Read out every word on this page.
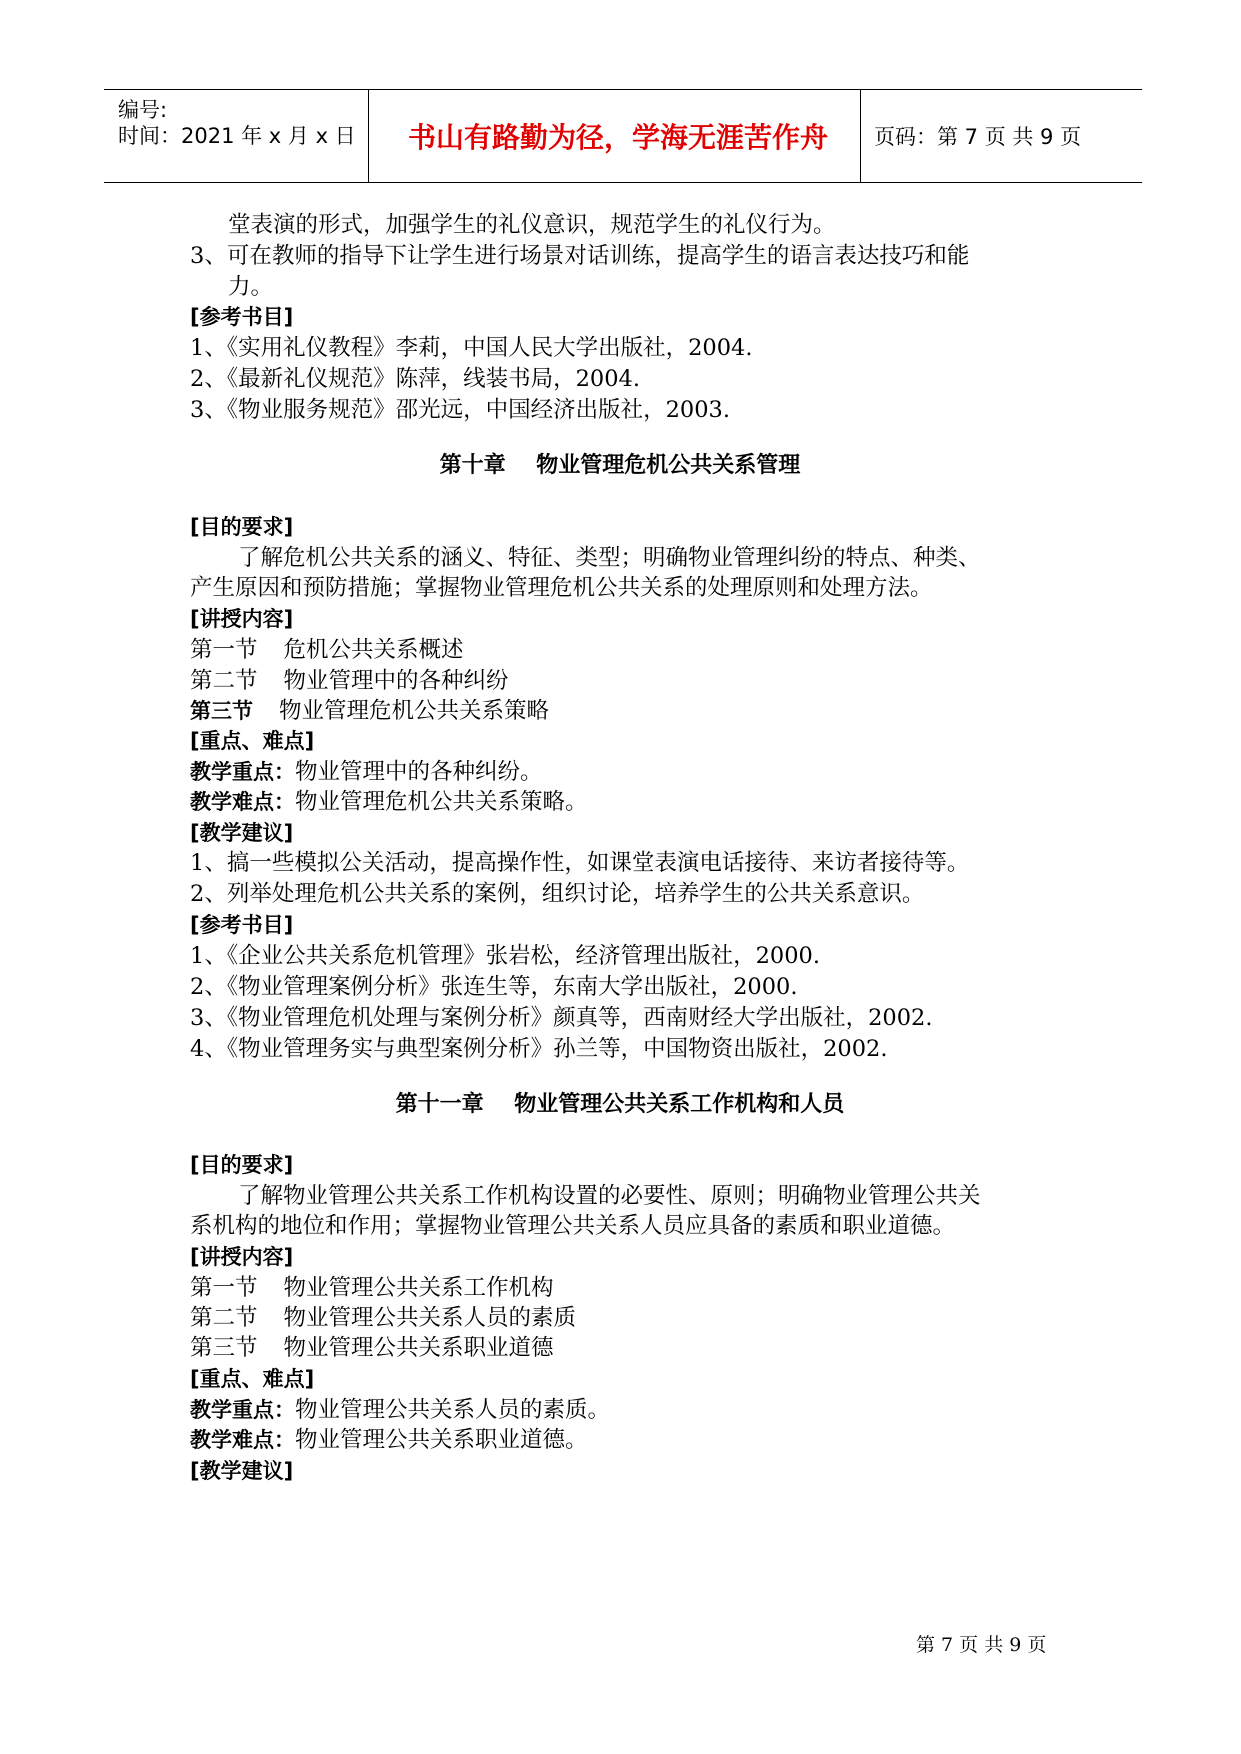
编号:
时间：2021 年 x 月 x 日	书山有路勤为径，学海无涯苦作舟	页码：第 7 页 共 9 页
堂表演的形式，加强学生的礼仪意识，规范学生的礼仪行为。
3、可在教师的指导下让学生进行场景对话训练，提高学生的语言表达技巧和能
力。
[参考书目]
1、《实用礼仪教程》李莉，中国人民大学出版社，2004.
2、《最新礼仪规范》陈萍，线装书局，2004.
3、《物业服务规范》邵光远，中国经济出版社，2003.
第十章    物业管理危机公共关系管理
[目的要求]
了解危机公共关系的涵义、特征、类型；明确物业管理纠纷的特点、种类、
产生原因和预防措施；掌握物业管理危机公共关系的处理原则和处理方法。
[讲授内容]
第一节 危机公共关系概述
第二节 物业管理中的各种纠纷
第三节 物业管理危机公共关系策略
[重点、难点]
教学重点：物业管理中的各种纠纷。
教学难点：物业管理危机公共关系策略。
[教学建议]
1、搞一些模拟公关活动，提高操作性，如课堂表演电话接待、来访者接待等。
2、列举处理危机公共关系的案例，组织讨论，培养学生的公共关系意识。
[参考书目]
1、《企业公共关系危机管理》张岩松，经济管理出版社，2000.
2、《物业管理案例分析》张连生等，东南大学出版社，2000.
3、《物业管理危机处理与案例分析》颜真等，西南财经大学出版社，2002.
4、《物业管理务实与典型案例分析》孙兰等，中国物资出版社，2002.
第十一章    物业管理公共关系工作机构和人员
[目的要求]
了解物业管理公共关系工作机构设置的必要性、原则；明确物业管理公共关
系机构的地位和作用；掌握物业管理公共关系人员应具备的素质和职业道德。
[讲授内容]
第一节 物业管理公共关系工作机构
第二节 物业管理公共关系人员的素质
第三节 物业管理公共关系职业道德
[重点、难点]
教学重点：物业管理公共关系人员的素质。
教学难点：物业管理公共关系职业道德。
[教学建议]
第 7 页 共 9 页
